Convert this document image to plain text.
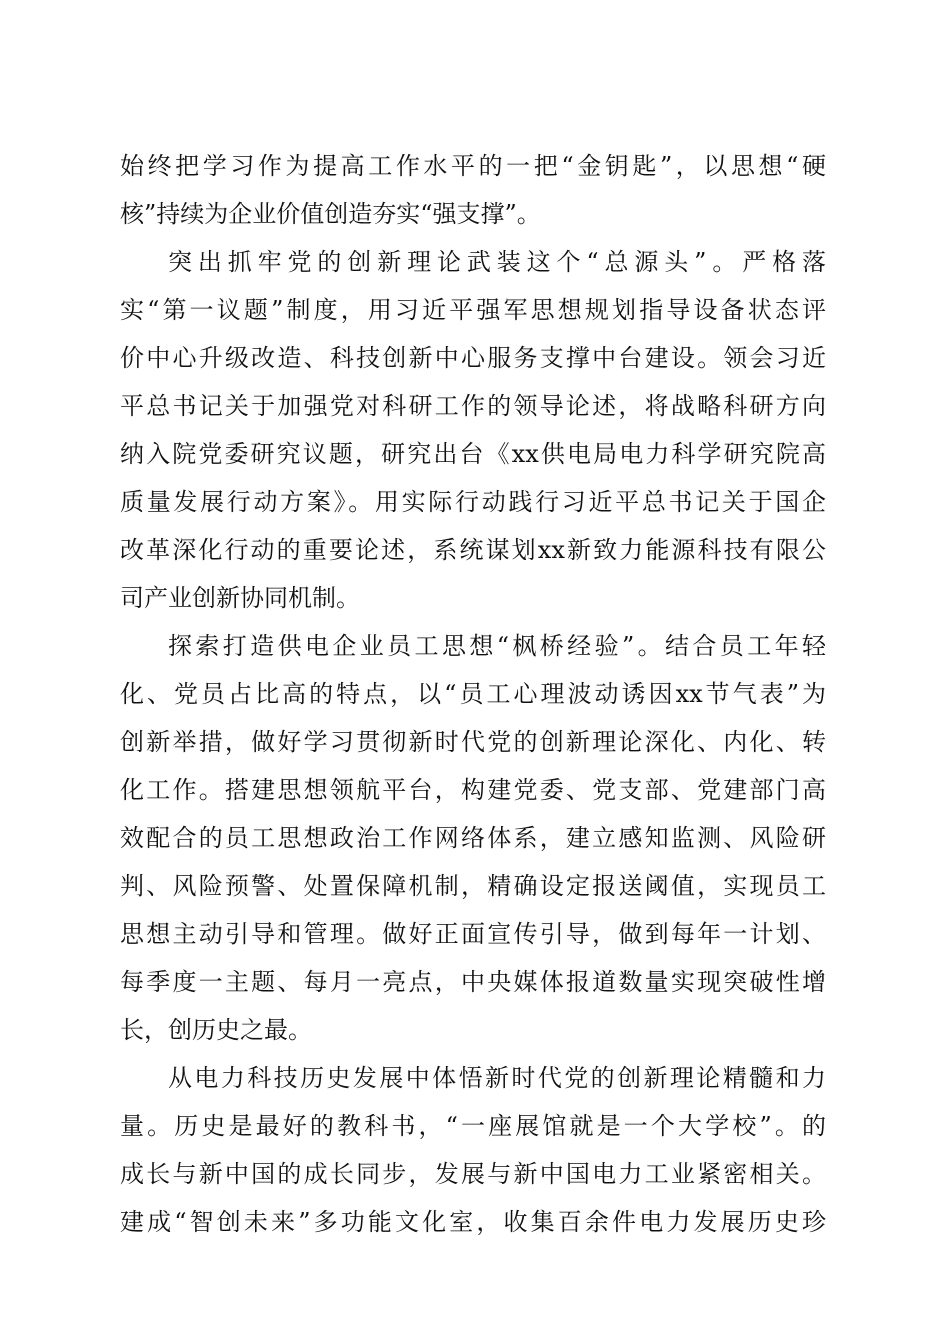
始终把学习作为提高工作水平的一把“金钥匙”，以思想“硬
核”持续为企业价值创造夯实“强支撑”。
突出抓牢党的创新理论武装这个“总源头”。严格落
实“第一议题”制度，用习近平强军思想规划指导设备状态评
价中心升级改造、科技创新中心服务支撑中台建设。领会习近
平总书记关于加强党对科研工作的领导论述，将战略科研方向
纳入院党委研究议题，研究出台《xx供电局电力科学研究院高
质量发展行动方案》。用实际行动践行习近平总书记关于国企
改革深化行动的重要论述，系统谋划xx新致力能源科技有限公
司产业创新协同机制。
探索打造供电企业员工思想“枫桥经验”。结合员工年轻
化、党员占比高的特点，以“员工心理波动诱因xx节气表”为
创新举措，做好学习贯彻新时代党的创新理论深化、内化、转
化工作。搭建思想领航平台，构建党委、党支部、党建部门高
效配合的员工思想政治工作网络体系，建立感知监测、风险研
判、风险预警、处置保障机制，精确设定报送阈值，实现员工
思想主动引导和管理。做好正面宣传引导，做到每年一计划、
每季度一主题、每月一亮点，中央媒体报道数量实现突破性增
长，创历史之最。
从电力科技历史发展中体悟新时代党的创新理论精髓和力
量。历史是最好的教科书，“一座展馆就是一个大学校”。的
成长与新中国的成长同步，发展与新中国电力工业紧密相关。
建成“智创未来”多功能文化室，收集百余件电力发展历史珍
